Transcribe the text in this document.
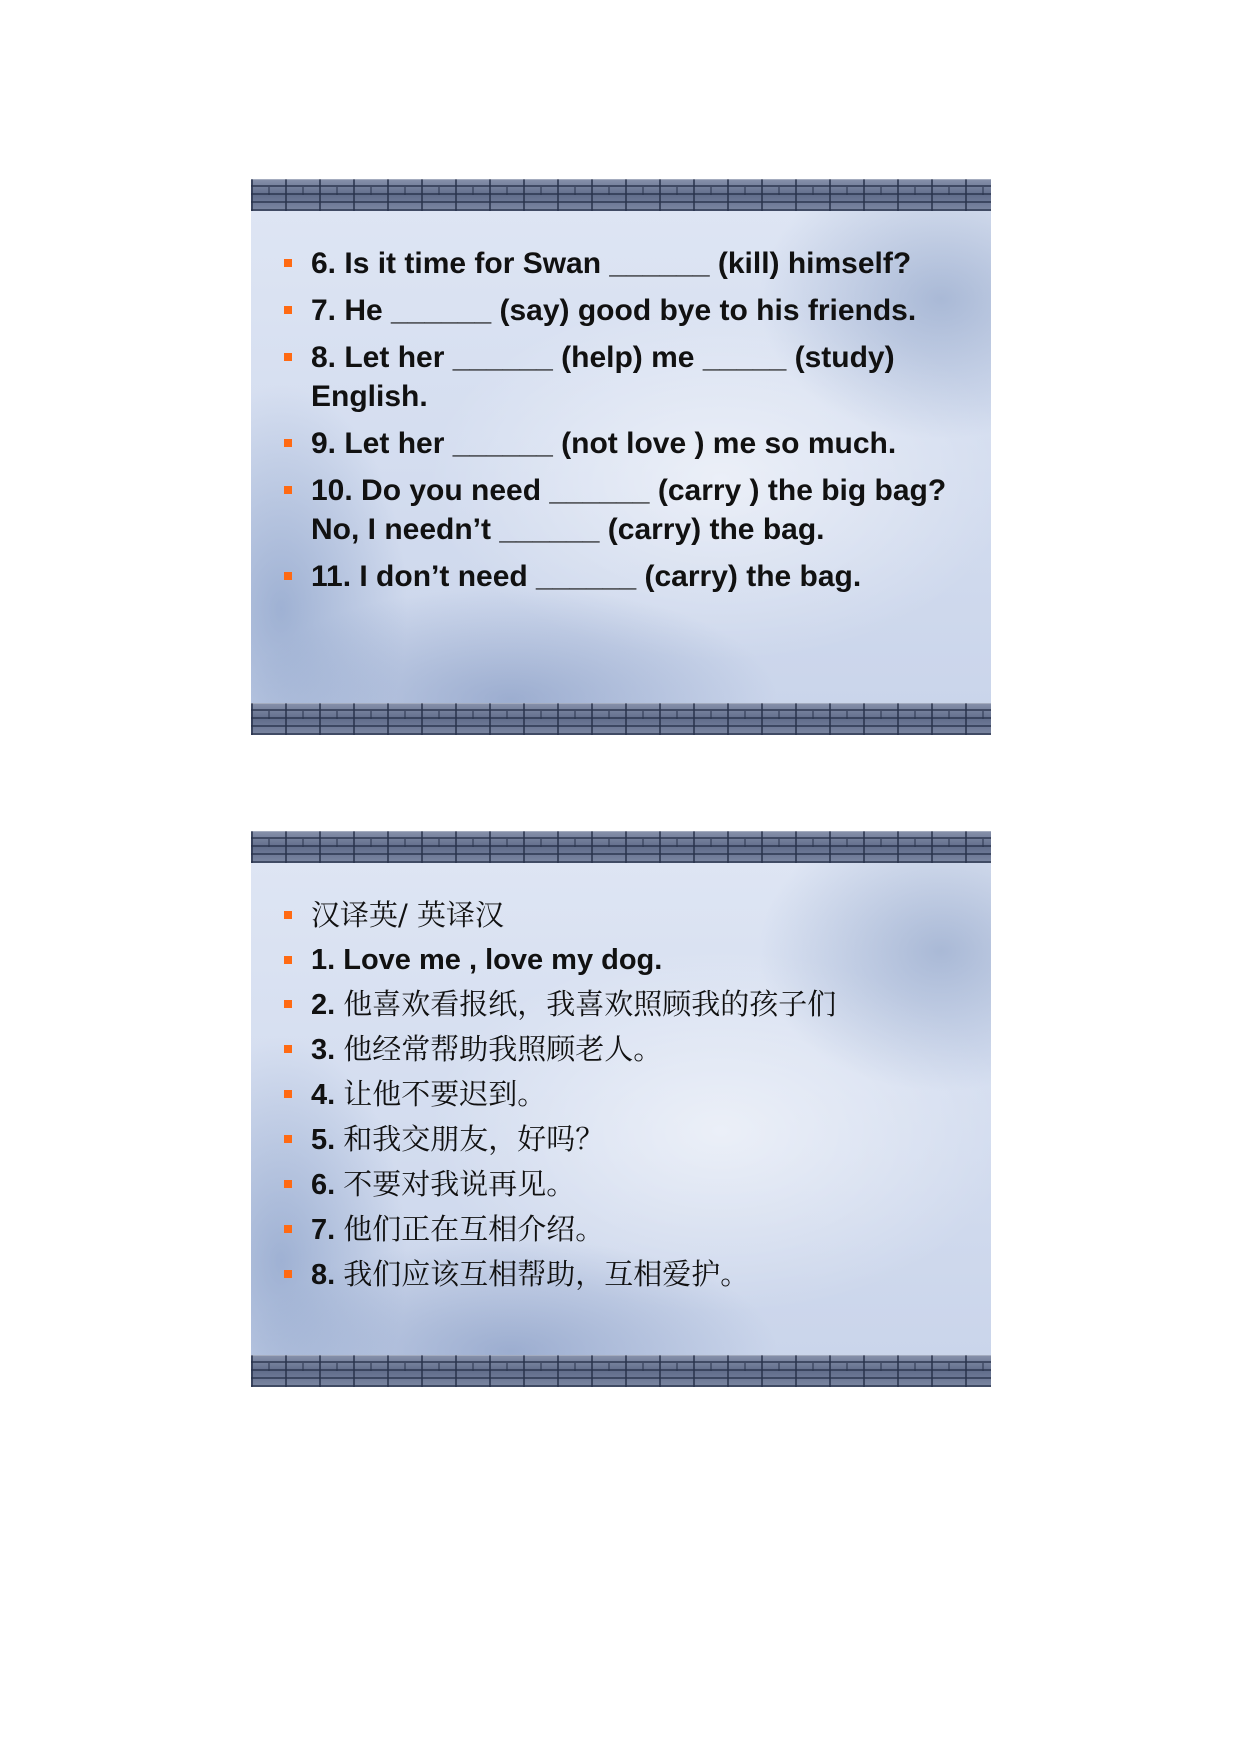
6. Is it time for Swan ______ (kill) himself?
7. He ______ (say) good bye to his friends.
8. Let her ______ (help) me _____ (study) English.
9. Let her ______ (not love ) me so much.
10. Do you need ______ (carry ) the big bag? No, I needn’t ______ (carry) the bag.
11. I don’t need ______ (carry) the bag.
汉译英/ 英译汉
1. Love me , love my dog.
2. 他喜欢看报纸，我喜欢照顾我的孩子们
3. 他经常帮助我照顾老人。
4. 让他不要迟到。
5. 和我交朋友，好吗？
6. 不要对我说再见。
7. 他们正在互相介绍。
8. 我们应该互相帮助，互相爱护。
